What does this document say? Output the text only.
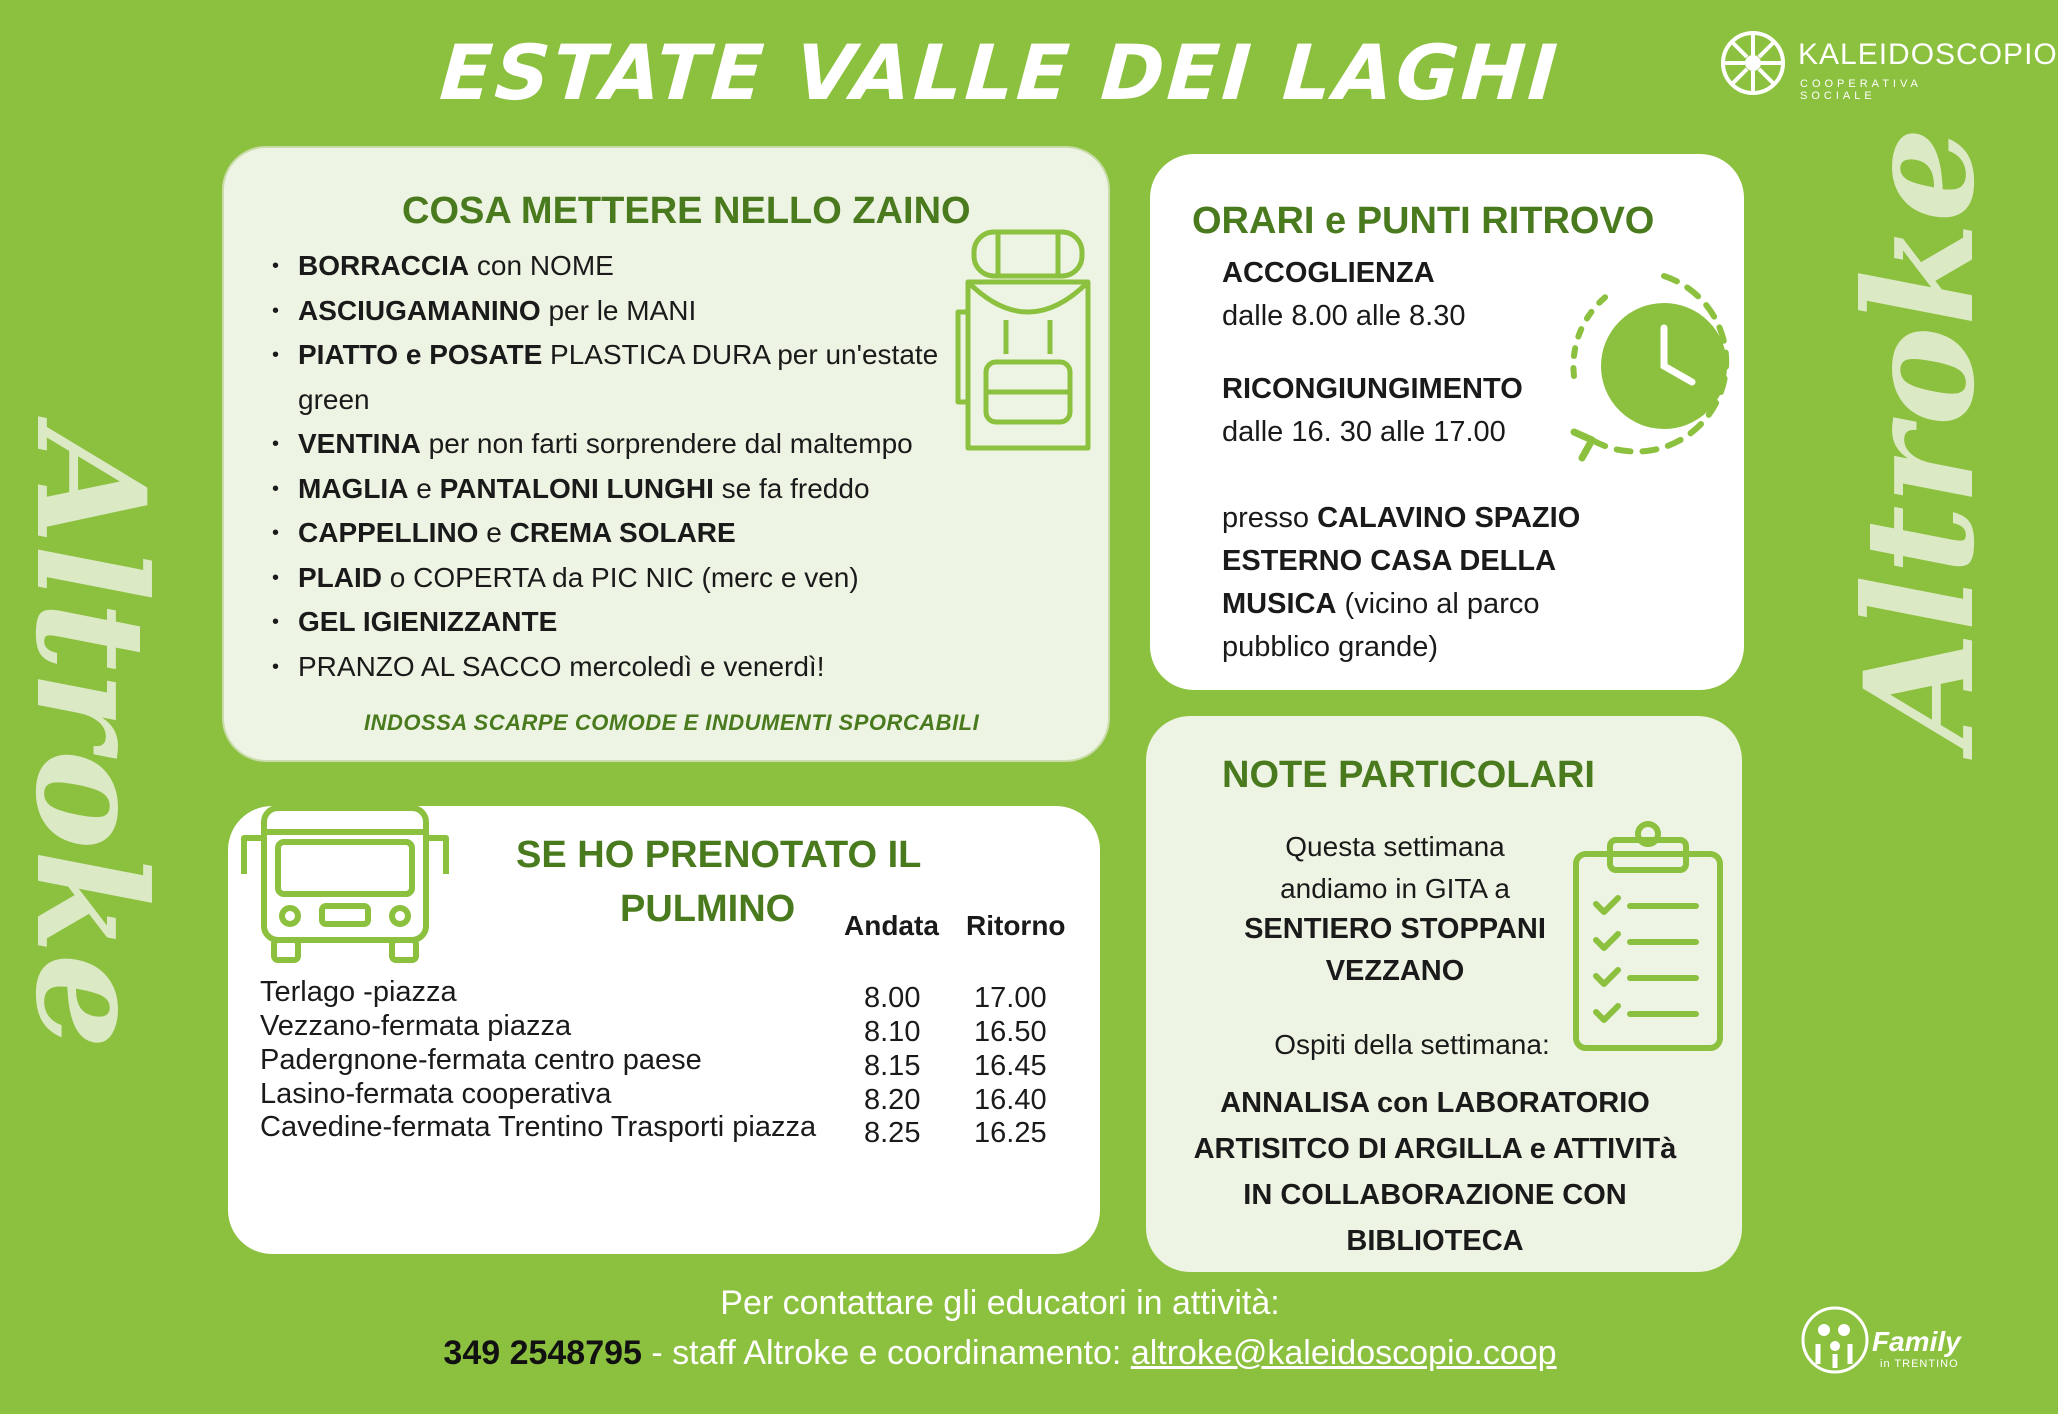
ESTATE VALLE DEI LAGHI	KALEIDOSCOPIO
COOPERATIVA SOCIALE
Altroke	Altroke
COSA METTERE NELLO ZAINO
• BORRACCIA con NOME
• ASCIUGAMANINO per le MANI
• PIATTO e POSATE PLASTICA DURA per un'estate green
• VENTINA per non farti sorprendere dal maltempo
• MAGLIA e PANTALONI LUNGHI se fa freddo
• CAPPELLINO e CREMA SOLARE
• PLAID o COPERTA da PIC NIC (merc e ven)
• GEL IGIENIZZANTE
• PRANZO AL SACCO mercoledì e venerdì!
INDOSSA SCARPE COMODE E INDUMENTI SPORCABILI
ORARI e PUNTI RITROVO
ACCOGLIENZA
dalle 8.00 alle 8.30
RICONGIUNGIMENTO
dalle 16. 30 alle 17.00
presso CALAVINO SPAZIO ESTERNO CASA DELLA MUSICA (vicino al parco pubblico grande)
SE HO PRENOTATO IL
PULMINO Andata Ritorno
Terlago -piazza	8.00 17.00
Vezzano-fermata piazza	8.10 16.50
Padergnone-fermata centro paese	8.15 16.45
Lasino-fermata cooperativa	8.20 16.40
Cavedine-fermata Trentino Trasporti piazza 8.25 16.25
NOTE PARTICOLARI
Questa settimana
andiamo in GITA a
SENTIERO STOPPANI
VEZZANO
Ospiti della settimana:
ANNALISA con LABORATORIO
ARTISITCO DI ARGILLA e ATTIVITà
IN COLLABORAZIONE CON
BIBLIOTECA
Per contattare gli educatori in attività:
349 2548795 - staff Altroke e coordinamento: altroke@kaleidoscopio.coop	Family
in TRENTINO
